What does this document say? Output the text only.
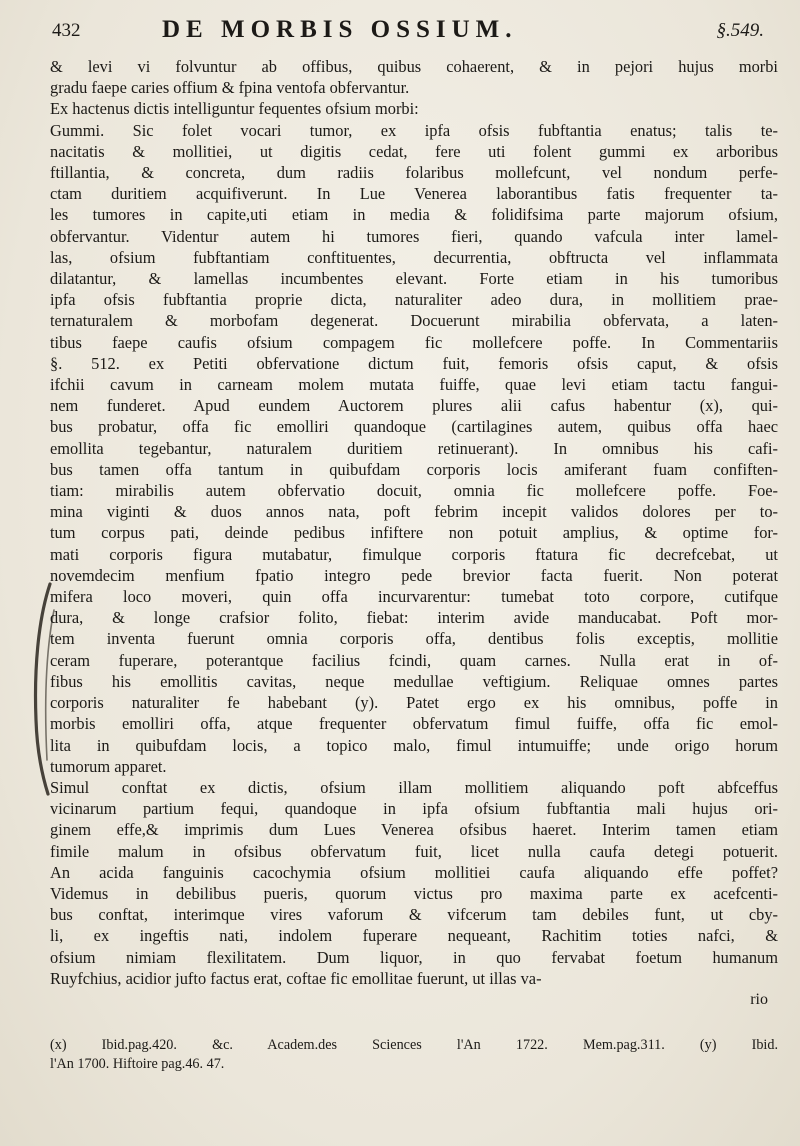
432	DE MORBIS OSSIUM.	§.549.
& levi vi folvuntur ab offibus, quibus cohaerent, & in pejori hujus morbi
gradu faepe caries offium & fpina ventofa obfervantur.
Ex hactenus dictis intelliguntur fequentes ofsium morbi:
Gummi. Sic folet vocari tumor, ex ipfa ofsis fubftantia enatus; talis te-
nacitatis & mollitiei, ut digitis cedat, fere uti folent gummi ex arboribus
ftillantia, & concreta, dum radiis folaribus mollefcunt, vel nondum perfe-
ctam duritiem acquifiverunt. In Lue Venerea laborantibus fatis frequenter ta-
les tumores in capite,uti etiam in media & folidifsima parte majorum ofsium,
obfervantur. Videntur autem hi tumores fieri, quando vafcula inter lamel-
las, ofsium fubftantiam conftituentes, decurrentia, obftructa vel inflammata
dilatantur, & lamellas incumbentes elevant. Forte etiam in his tumoribus
ipfa ofsis fubftantia proprie dicta, naturaliter adeo dura, in mollitiem prae-
ternaturalem & morbofam degenerat. Docuerunt mirabilia obfervata, a laten-
tibus faepe caufis ofsium compagem fic mollefcere poffe. In Commentariis
§. 512. ex Petiti obfervatione dictum fuit, femoris ofsis caput, & ofsis
ifchii cavum in carneam molem mutata fuiffe, quae levi etiam tactu fangui-
nem funderet. Apud eundem Auctorem plures alii cafus habentur (x), qui-
bus probatur, offa fic emolliri quandoque (cartilagines autem, quibus offa haec
emollita tegebantur, naturalem duritiem retinuerant). In omnibus his cafi-
bus tamen offa tantum in quibufdam corporis locis amiferant fuam confiften-
tiam: mirabilis autem obfervatio docuit, omnia fic mollefcere poffe. Foe-
mina viginti & duos annos nata, poft febrim incepit validos dolores per to-
tum corpus pati, deinde pedibus infiftere non potuit amplius, & optime for-
mati corporis figura mutabatur, fimulque corporis ftatura fic decrefcebat, ut
novemdecim menfium fpatio integro pede brevior facta fuerit. Non poterat
mifera loco moveri, quin offa incurvarentur: tumebat toto corpore, cutifque
dura, & longe crafsior folito, fiebat: interim avide manducabat. Poft mor-
tem inventa fuerunt omnia corporis offa, dentibus folis exceptis, mollitie
ceram fuperare, poterantque facilius fcindi, quam carnes. Nulla erat in of-
fibus his emollitis cavitas, neque medullae veftigium. Reliquae omnes partes
corporis naturaliter fe habebant (y). Patet ergo ex his omnibus, poffe in
morbis emolliri offa, atque frequenter obfervatum fimul fuiffe, offa fic emol-
lita in quibufdam locis, a topico malo, fimul intumuiffe; unde origo horum
tumorum apparet.
Simul conftat ex dictis, ofsium illam mollitiem aliquando poft abfceffus
vicinarum partium fequi, quandoque in ipfa ofsium fubftantia mali hujus ori-
ginem effe,& imprimis dum Lues Venerea ofsibus haeret. Interim tamen etiam
fimile malum in ofsibus obfervatum fuit, licet nulla caufa detegi potuerit.
An acida fanguinis cacochymia ofsium mollitiei caufa aliquando effe poffet?
Videmus in debilibus pueris, quorum victus pro maxima parte ex acefcenti-
bus conftat, interimque vires vaforum & vifcerum tam debiles funt, ut cby-
li, ex ingeftis nati, indolem fuperare nequeant, Rachitim toties nafci, &
ofsium nimiam flexilitatem. Dum liquor, in quo fervabat foetum humanum
Ruyfchius, acidior jufto factus erat, coftae fic emollitae fuerunt, ut illas va-
rio
(x) Ibid.pag.420. &c. Academ.des Sciences l'An 1722. Mem.pag.311. (y) Ibid.
l'An 1700. Hiftoire pag.46. 47.
